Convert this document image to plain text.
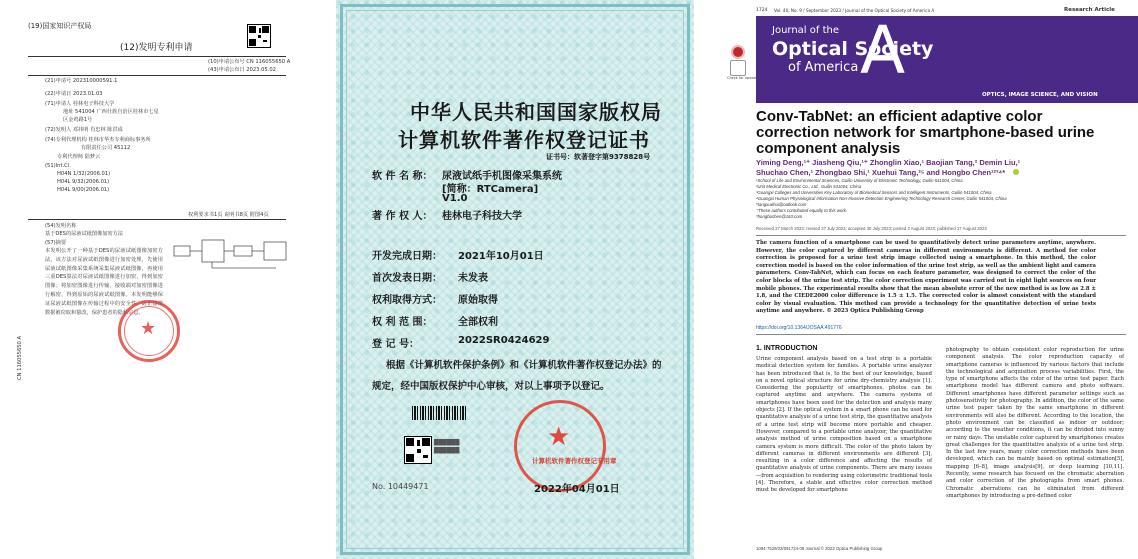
(19)国家知识产权局
(12)发明专利申请
(10)申请公布号 CN 116055650 A
(43)申请公布日 2023.05.02
(21)申请号 202310000591.1
(22)申请日 2023.01.03
(71)申请人 桂林电子科技大学
地址 541004 广西壮族自治区桂林市七星
区金鸡路1号
(72)发明人 邓祎明 肖忠林 陈洪成
(74)专利代理机构 桂林市华杰专利商标事务所
有限责任公司 45112
专利代理师 陆梦云
(51)Int.Cl.
H04N 1/32(2006.01)
H04L 9/32(2006.01)
H04L 9/00(2006.01)
权利要求书1页 说明书8页 附图4页
(54)发明名称
基于DES的尿液试纸图像加密方法
(57)摘要
本发明公开了一种基于DES的尿液试纸图像加密方法，该方法对尿液试纸图像进行加密处理，先使用尿液试纸图像采集系统采集尿液试纸图像，再使用三重DES算法对尿液试纸图像进行加密，得到加密图像；将加密图像进行传输，接收端对加密图像进行解密，得到原始的尿液试纸图像。本发明能够保证尿液试纸图像在传输过程中的安全性，防止图像数据被窃取和篡改，保护患者的隐私信息。
CN 116055650 A
★
中华人民共和国国家版权局
计算机软件著作权登记证书
证书号：软著登字第9378828号
软 件 名 称： 尿液试纸手机图像采集系统
[简称：RTCamera]
V1.0
著 作 权 人： 桂林电子科技大学
开发完成日期： 2021年10月01日
首次发表日期： 未发表
权利取得方式： 原始取得
权 利 范 围：	全部权利
登 记 号：	2022SR0424629
根据《计算机软件保护条例》和《计算机软件著作权登记办法》的
规定，经中国版权保护中心审核，对以上事项予以登记。
██████
██████	★
计算机软件著作权登记专用章
No. 10449471	2022年04月01日
1724 Vol. 40, No. 9 / September 2023 / Journal of the Optical Society of America A	Research Article
Journal of the
Optical Society
of America A
OPTICS, IMAGE SCIENCE, AND VISION
Check for updates
Conv-TabNet: an efficient adaptive color
correction network for smartphone-based urine
component analysis
Yiming Deng,¹⁺ Jiasheng Qiu,¹⁺ Zhonglin Xiao,¹ Baojian Tang,² Demin Liu,¹
Shuchao Chen,¹ Zhongbao Shi,¹ Xuehui Tang,²⁵ and Hongbo Chen¹²³⁴*
¹School of Life and Environmental Sciences, Guilin University of Electronic Technology, Guilin 541004, China
²Unit Medical Electronic Co., Ltd., Guilin 541004, China
³Guangxi Colleges and Universities Key Laboratory of Biomedical Sensors and Intelligent Instruments, Guilin 541004, China
⁴Guangxi Human Physiological Information Non-Invasive Detection Engineering Technology Research Center, Guilin 541004, China
⁵tangxuehui@outlook.com
⁺These authors contributed equally to this work.
*hongbochen@163.com
Received 27 March 2023; revised 27 July 2023; accepted 30 July 2023; posted 2 August 2023; published 17 August 2023
The camera function of a smartphone can be used to quantitatively detect urine parameters anytime, anywhere. However, the color captured by different cameras in different environments is different. A method for color correction is proposed for a urine test strip image collected using a smartphone. In this method, the color correction model is based on the color information of the urine test strip, as well as the ambient light and camera parameters. Conv-TabNet, which can focus on each feature parameter, was designed to correct the color of the color blocks of the urine test strip. The color correction experiment was carried out in eight light sources on four mobile phones. The experimental results show that the mean absolute error of the new method is as low as 2.8 ± 1.8, and the CIEDE2000 color difference is 1.5 ± 1.5. The corrected color is almost consistent with the standard color by visual evaluation. This method can provide a technology for the quantitative detection of urine tests anytime and anywhere. © 2023 Optica Publishing Group
https://doi.org/10.1364/JOSAA.491776
1. INTRODUCTION
Urine component analysis based on a test strip is a portable medical detection system for families. A portable urine analyzer has been introduced that is, to the best of our knowledge, based on a novel optical structure for urine dry-chemistry analysis [1]. Considering the popularity of smartphones, photos can be captured anytime and anywhere. The camera systems of smartphones have been used for the detection and analysis many objects [2]. If the optical system in a smart phone can be used for quantitative analysis of a urine test strip, the quantitative analysis of a urine test strip will become more portable and cheaper. However, compared to a portable urine analyzer, the quantitative analysis method of urine composition based on a smartphone camera system is more difficult. The color of the photo taken by different cameras in different environments are different [3], resulting in a color difference and affecting the results of quantitative analysis of urine components. There are many issues—from acquisition to rendering using colorimetric traditional tools [4]. Therefore, a stable and effective color correction method must be developed for smartphone
photography to obtain consistent color reproduction for urine component analysis. The color reproduction capacity of smartphone cameras is influenced by various factors that include the technological and acquisition process variabilities. First, the type of smartphone affects the color of the urine test paper. Each smartphone model has different camera and photo software. Different smartphones have different parameter settings such as photosensitivity for photography. In addition, the color of the same urine test paper taken by the same smartphone in different environments will also be different. According to the location, the photo environment can be classified as indoor or outdoor; according to the weather conditions, it can be divided into sunny or rainy days. The unstable color captured by smartphones creates great challenges for the quantitative analysis of a urine test strip. In the last few years, many color correction methods have been developed, which can be mainly based on optimal estimation[5], mapping [6–8], image analysis[9], or deep learning [10,11]. Recently, some research has focused on the chromatic aberration and color correction of the photographs from smart phones. Chromatic aberrations can be eliminated from different smartphones by introducing a pre-defined color
1084-7529/23/091724-09 Journal © 2023 Optica Publishing Group
